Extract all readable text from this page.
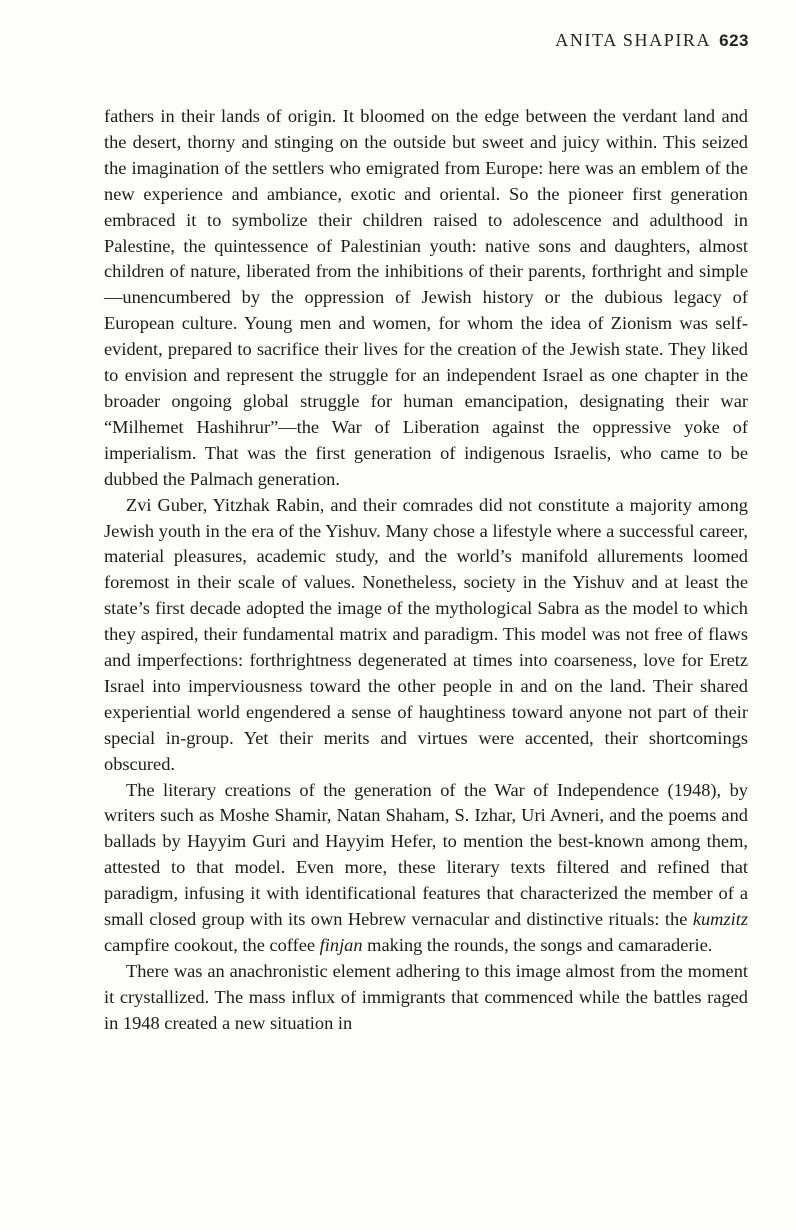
ANITA SHAPIRA 623

fathers in their lands of origin. It bloomed on the edge between the verdant land and the desert, thorny and stinging on the outside but sweet and juicy within. This seized the imagination of the settlers who emigrated from Europe: here was an emblem of the new experience and ambiance, exotic and oriental. So the pioneer first generation embraced it to symbolize their children raised to adolescence and adulthood in Palestine, the quintessence of Palestinian youth: native sons and daughters, almost children of nature, liberated from the inhibitions of their parents, forthright and simple—unencumbered by the oppression of Jewish history or the dubious legacy of European culture. Young men and women, for whom the idea of Zionism was self-evident, prepared to sacrifice their lives for the creation of the Jewish state. They liked to envision and represent the struggle for an independent Israel as one chapter in the broader ongoing global struggle for human emancipation, designating their war “Milhemet Hashihrur”—the War of Liberation against the oppressive yoke of imperialism. That was the first generation of indigenous Israelis, who came to be dubbed the Palmach generation.

Zvi Guber, Yitzhak Rabin, and their comrades did not constitute a majority among Jewish youth in the era of the Yishuv. Many chose a lifestyle where a successful career, material pleasures, academic study, and the world’s manifold allurements loomed foremost in their scale of values. Nonetheless, society in the Yishuv and at least the state’s first decade adopted the image of the mythological Sabra as the model to which they aspired, their fundamental matrix and paradigm. This model was not free of flaws and imperfections: forthrightness degenerated at times into coarseness, love for Eretz Israel into imperviousness toward the other people in and on the land. Their shared experiential world engendered a sense of haughtiness toward anyone not part of their special in-group. Yet their merits and virtues were accented, their shortcomings obscured.

The literary creations of the generation of the War of Independence (1948), by writers such as Moshe Shamir, Natan Shaham, S. Izhar, Uri Avneri, and the poems and ballads by Hayyim Guri and Hayyim Hefer, to mention the best-known among them, attested to that model. Even more, these literary texts filtered and refined that paradigm, infusing it with identificational features that characterized the member of a small closed group with its own Hebrew vernacular and distinctive rituals: the kumzitz campfire cookout, the coffee finjan making the rounds, the songs and camaraderie.

There was an anachronistic element adhering to this image almost from the moment it crystallized. The mass influx of immigrants that commenced while the battles raged in 1948 created a new situation in
